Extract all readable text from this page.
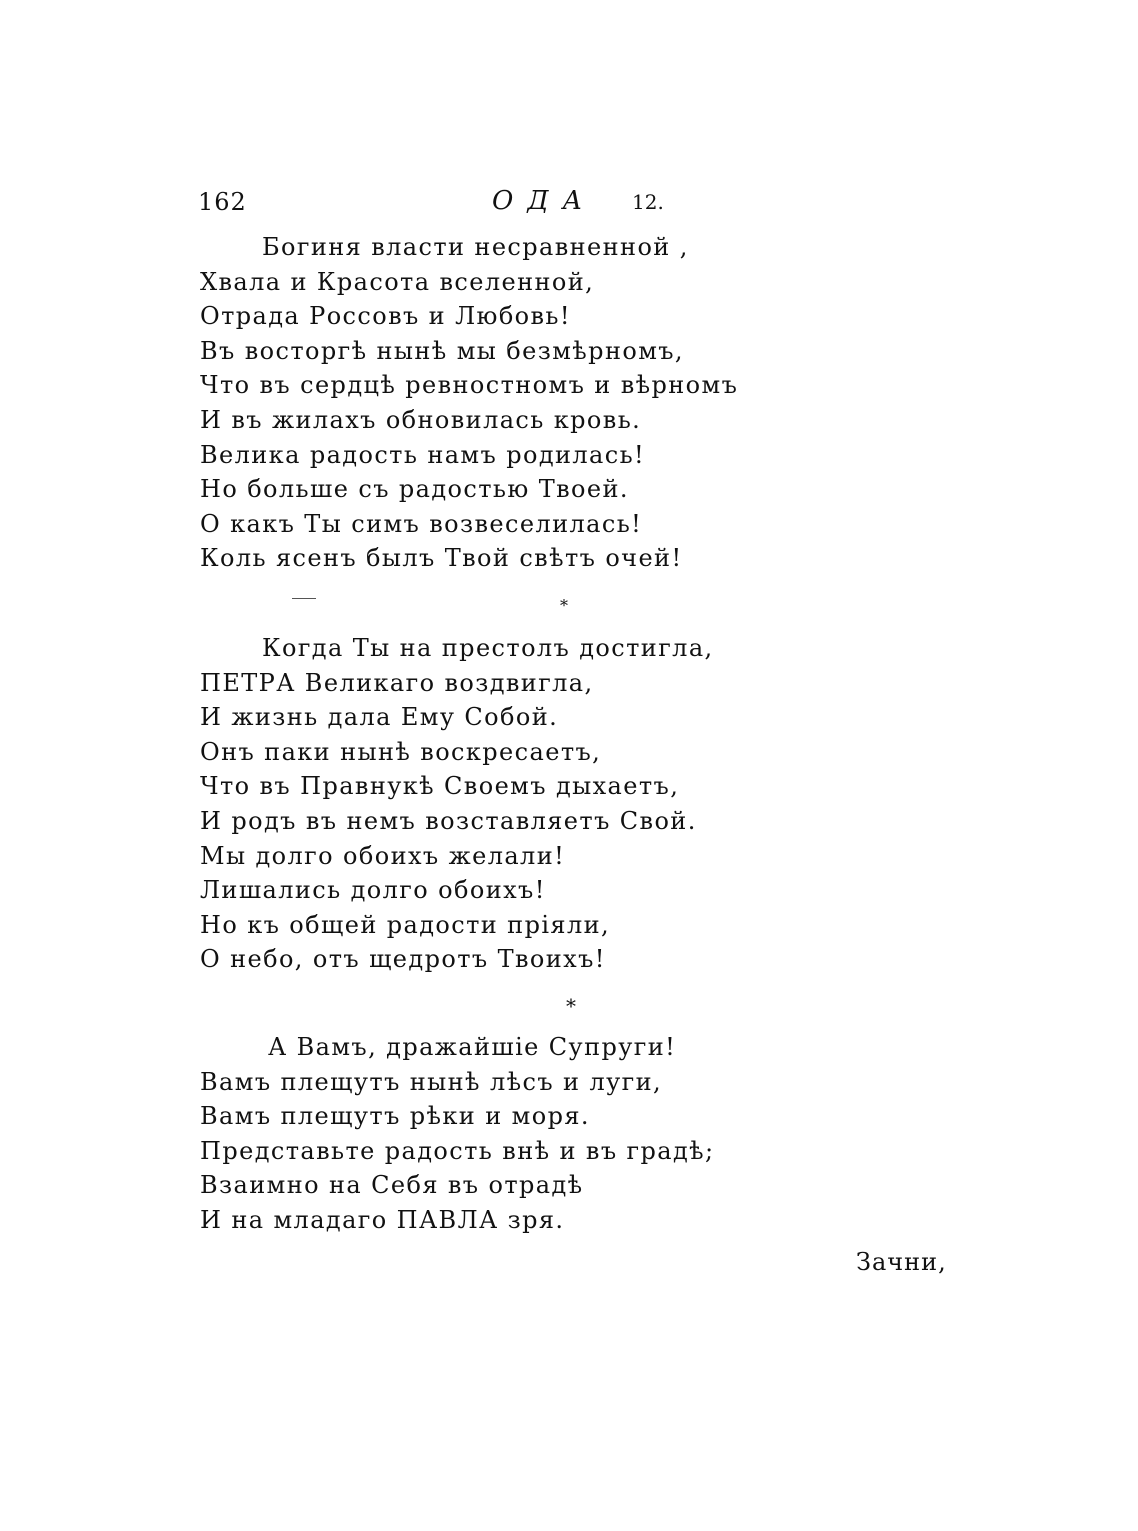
162	ОДА 12.
Богиня власти несравненной ,
Хвала и Красота вселенной,
Отрада Россовъ и Любовь!
Въ восторгѣ нынѣ мы безмѣрномъ,
Что въ сердцѣ ревностномъ и вѣрномъ
И въ жилахъ обновилась кровь.
Велика радость намъ родилась!
Но больше съ радостью Твоей.
О какъ Ты симъ возвеселилась!
Коль ясенъ былъ Твой свѣтъ очей!
*
Когда Ты на престолъ достигла,
ПЕТРА Великаго воздвигла,
И жизнь дала Ему Собой.
Онъ паки нынѣ воскресаетъ,
Что въ Правнукѣ Своемъ дыхаетъ,
И родъ въ немъ возставляетъ Свой.
Мы долго обоихъ желали!
Лишались долго обоихъ!
Но къ общей радости прiяли,
О небо, отъ щедротъ Твоихъ!
*
А Вамъ, дражайшiе Супруги!
Вамъ плещутъ нынѣ лѣсъ и луги,
Вамъ плещутъ рѣки и моря.
Представьте радость внѣ и въ градѣ;
Взаимно на Себя въ отрадѣ
И на младаго ПАВЛА зря.
Зачни,
